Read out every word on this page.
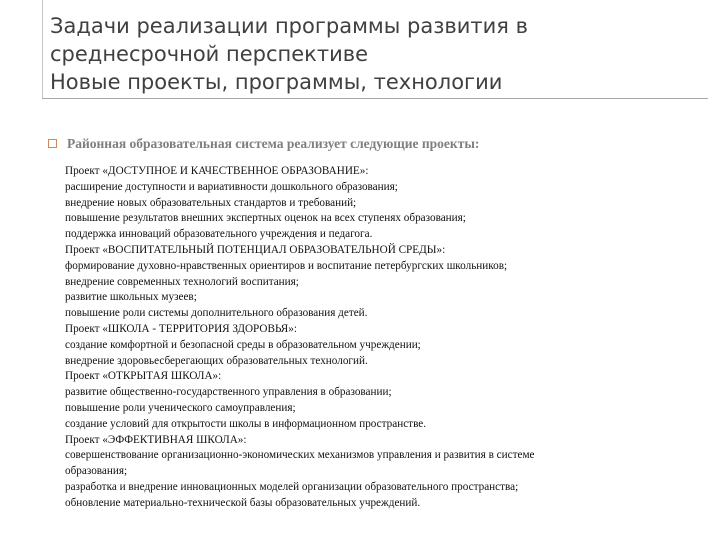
Задачи реализации программы развития в
среднесрочной перспективе
Новые проекты, программы, технологии
Районная образовательная система реализует следующие проекты:
Проект «ДОСТУПНОЕ И КАЧЕСТВЕННОЕ ОБРАЗОВАНИЕ»:
расширение доступности и вариативности дошкольного образования;
внедрение новых образовательных стандартов и требований;
повышение результатов внешних экспертных оценок на всех ступенях образования;
поддержка инноваций образовательного учреждения и педагога.
Проект «ВОСПИТАТЕЛЬНЫЙ ПОТЕНЦИАЛ ОБРАЗОВАТЕЛЬНОЙ СРЕДЫ»:
формирование духовно-нравственных ориентиров и воспитание петербургских школьников;
внедрение современных технологий воспитания;
развитие школьных музеев;
повышение роли системы дополнительного образования детей.
Проект «ШКОЛА - ТЕРРИТОРИЯ ЗДОРОВЬЯ»:
создание комфортной и безопасной среды в образовательном учреждении;
внедрение здоровьесберегающих образовательных технологий.
Проект «ОТКРЫТАЯ ШКОЛА»:
развитие общественно-государственного управления в образовании;
повышение роли ученического самоуправления;
создание условий для открытости школы в информационном пространстве.
Проект «ЭФФЕКТИВНАЯ ШКОЛА»:
совершенствование организационно-экономических механизмов управления и развития в системе
образования;
разработка и внедрение инновационных моделей организации образовательного пространства;
обновление материально-технической базы образовательных учреждений.
